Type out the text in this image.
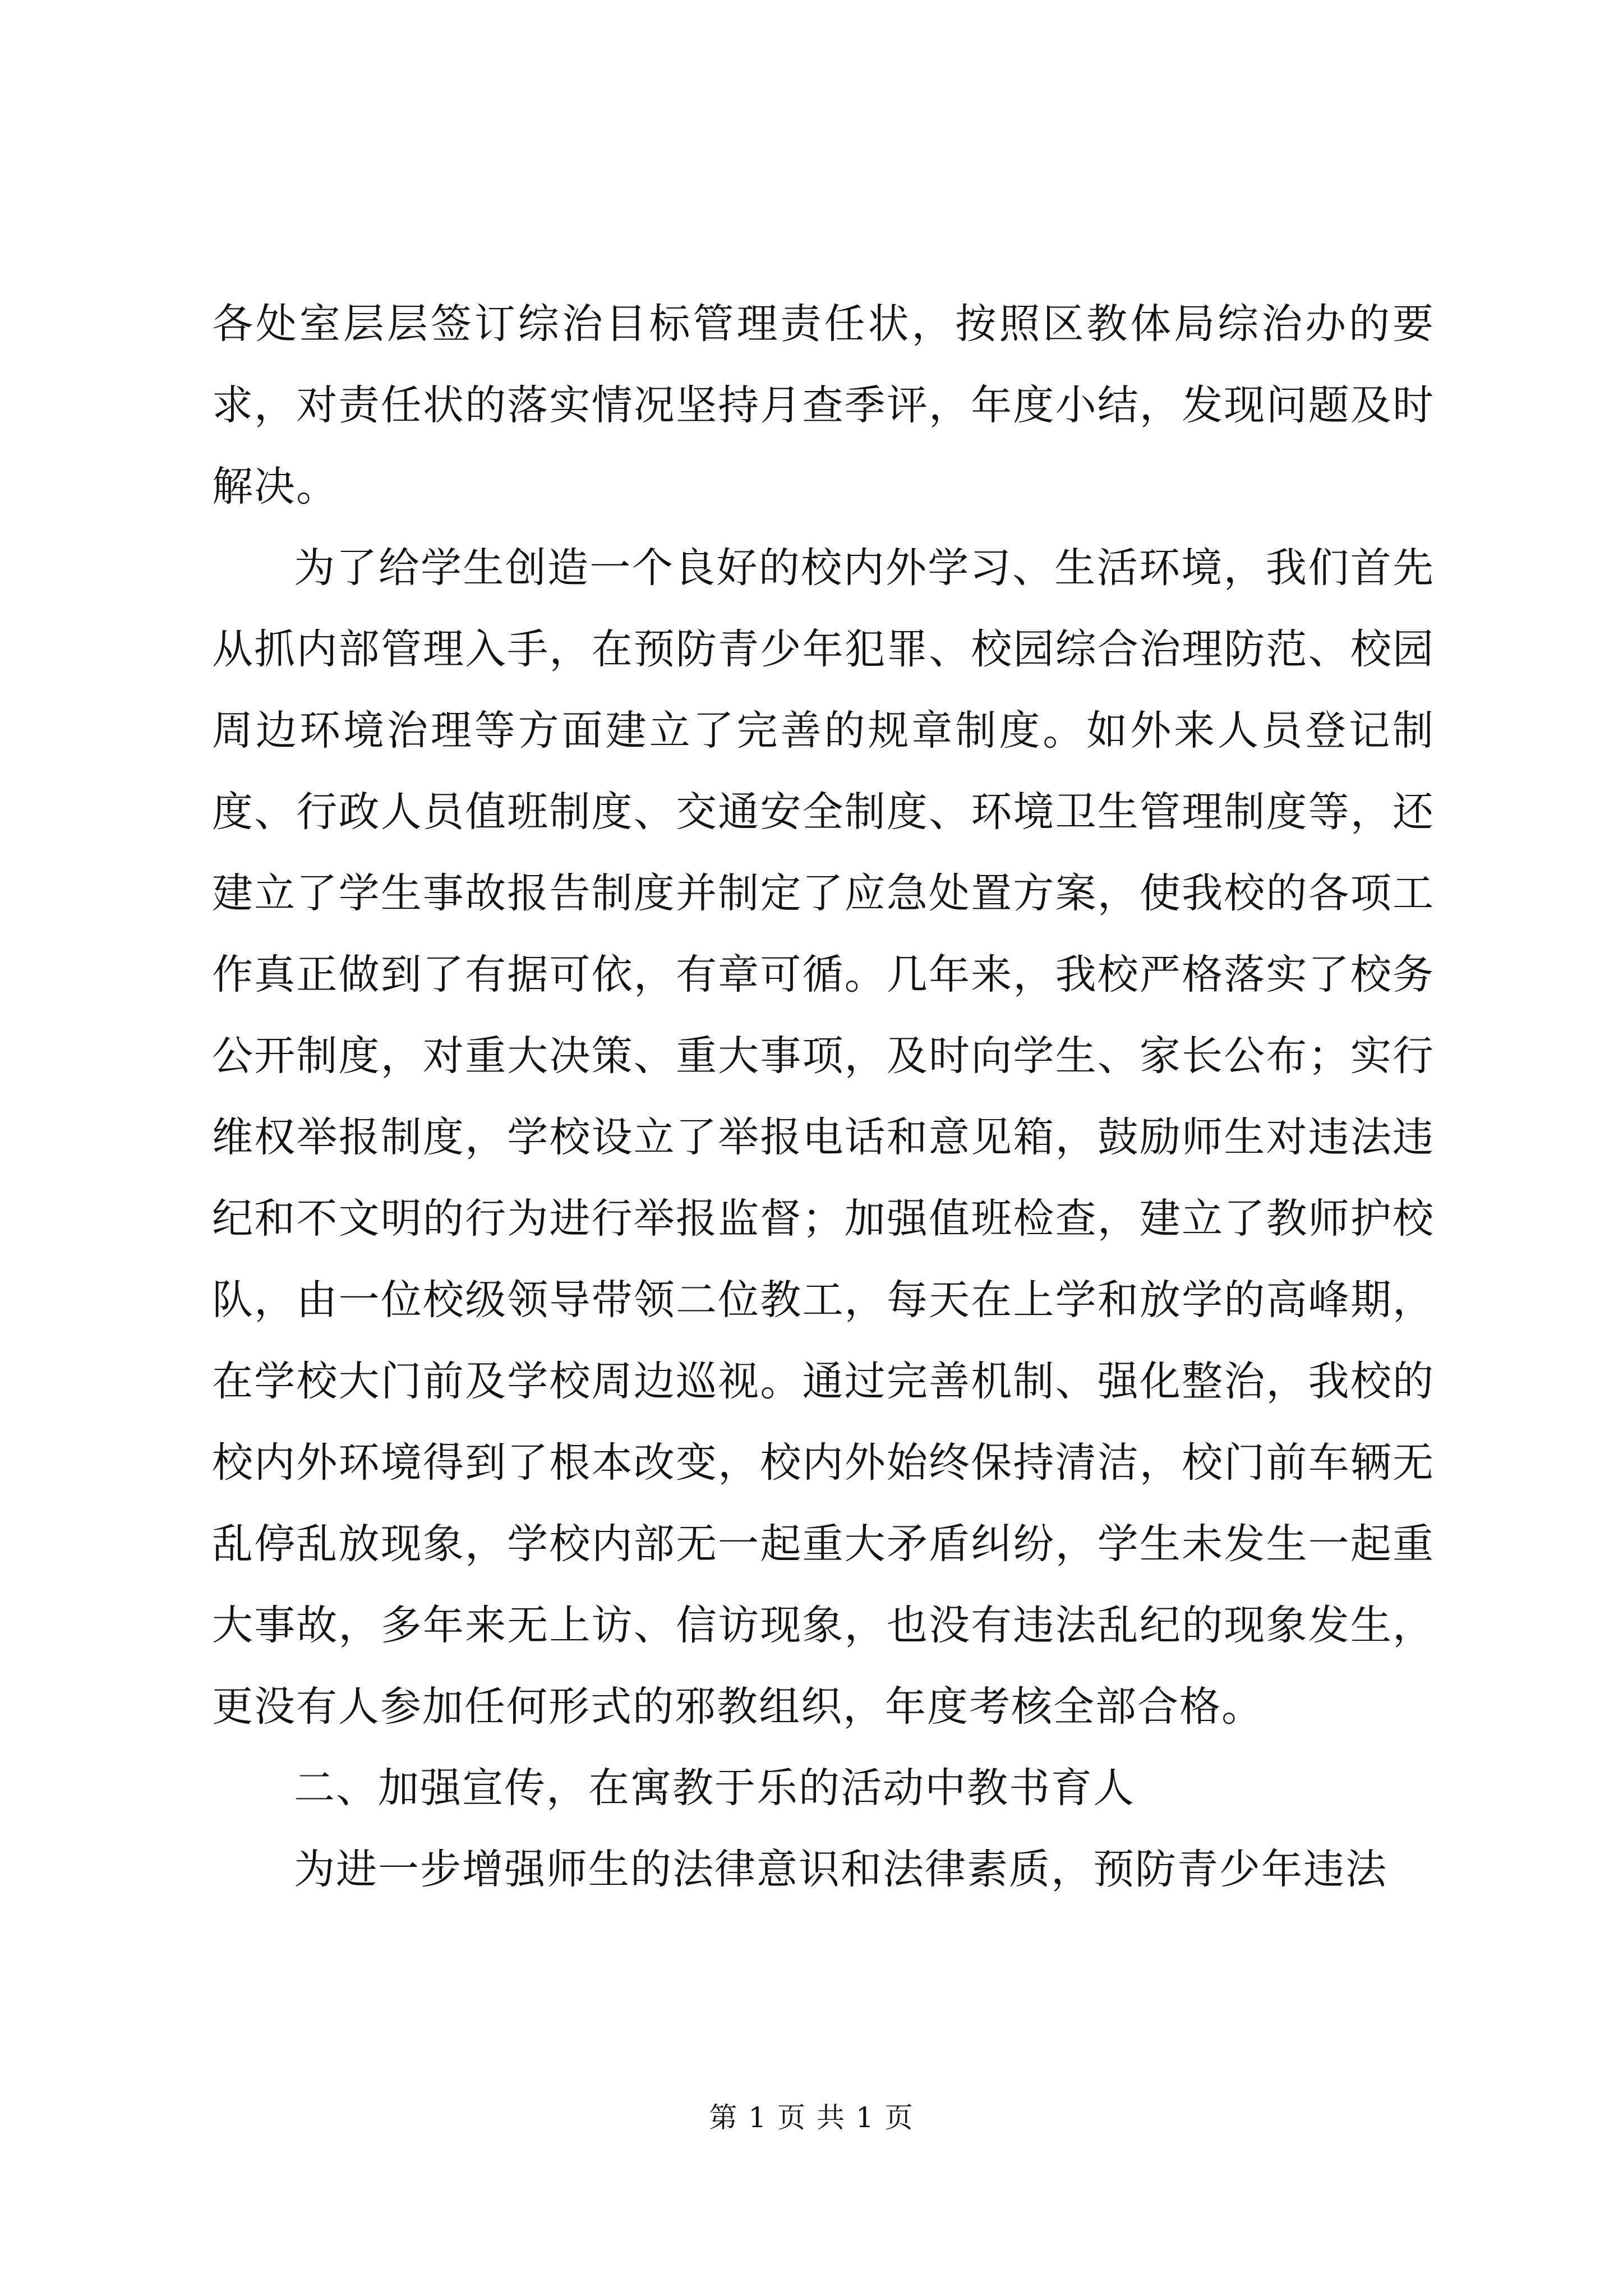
各处室层层签订综治目标管理责任状，按照区教体局综治办的要求，对责任状的落实情况坚持月查季评，年度小结，发现问题及时解决。

为了给学生创造一个良好的校内外学习、生活环境，我们首先从抓内部管理入手，在预防青少年犯罪、校园综合治理防范、校园周边环境治理等方面建立了完善的规章制度。如外来人员登记制度、行政人员值班制度、交通安全制度、环境卫生管理制度等，还建立了学生事故报告制度并制定了应急处置方案，使我校的各项工作真正做到了有据可依，有章可循。几年来，我校严格落实了校务公开制度，对重大决策、重大事项，及时向学生、家长公布；实行维权举报制度，学校设立了举报电话和意见箱，鼓励师生对违法违纪和不文明的行为进行举报监督；加强值班检查，建立了教师护校队，由一位校级领导带领二位教工，每天在上学和放学的高峰期，在学校大门前及学校周边巡视。通过完善机制、强化整治，我校的校内外环境得到了根本改变，校内外始终保持清洁，校门前车辆无乱停乱放现象，学校内部无一起重大矛盾纠纷，学生未发生一起重大事故，多年来无上访、信访现象，也没有违法乱纪的现象发生，更没有人参加任何形式的邪教组织，年度考核全部合格。

二、加强宣传，在寓教于乐的活动中教书育人

为进一步增强师生的法律意识和法律素质，预防青少年违法

第 1 页 共 1 页
